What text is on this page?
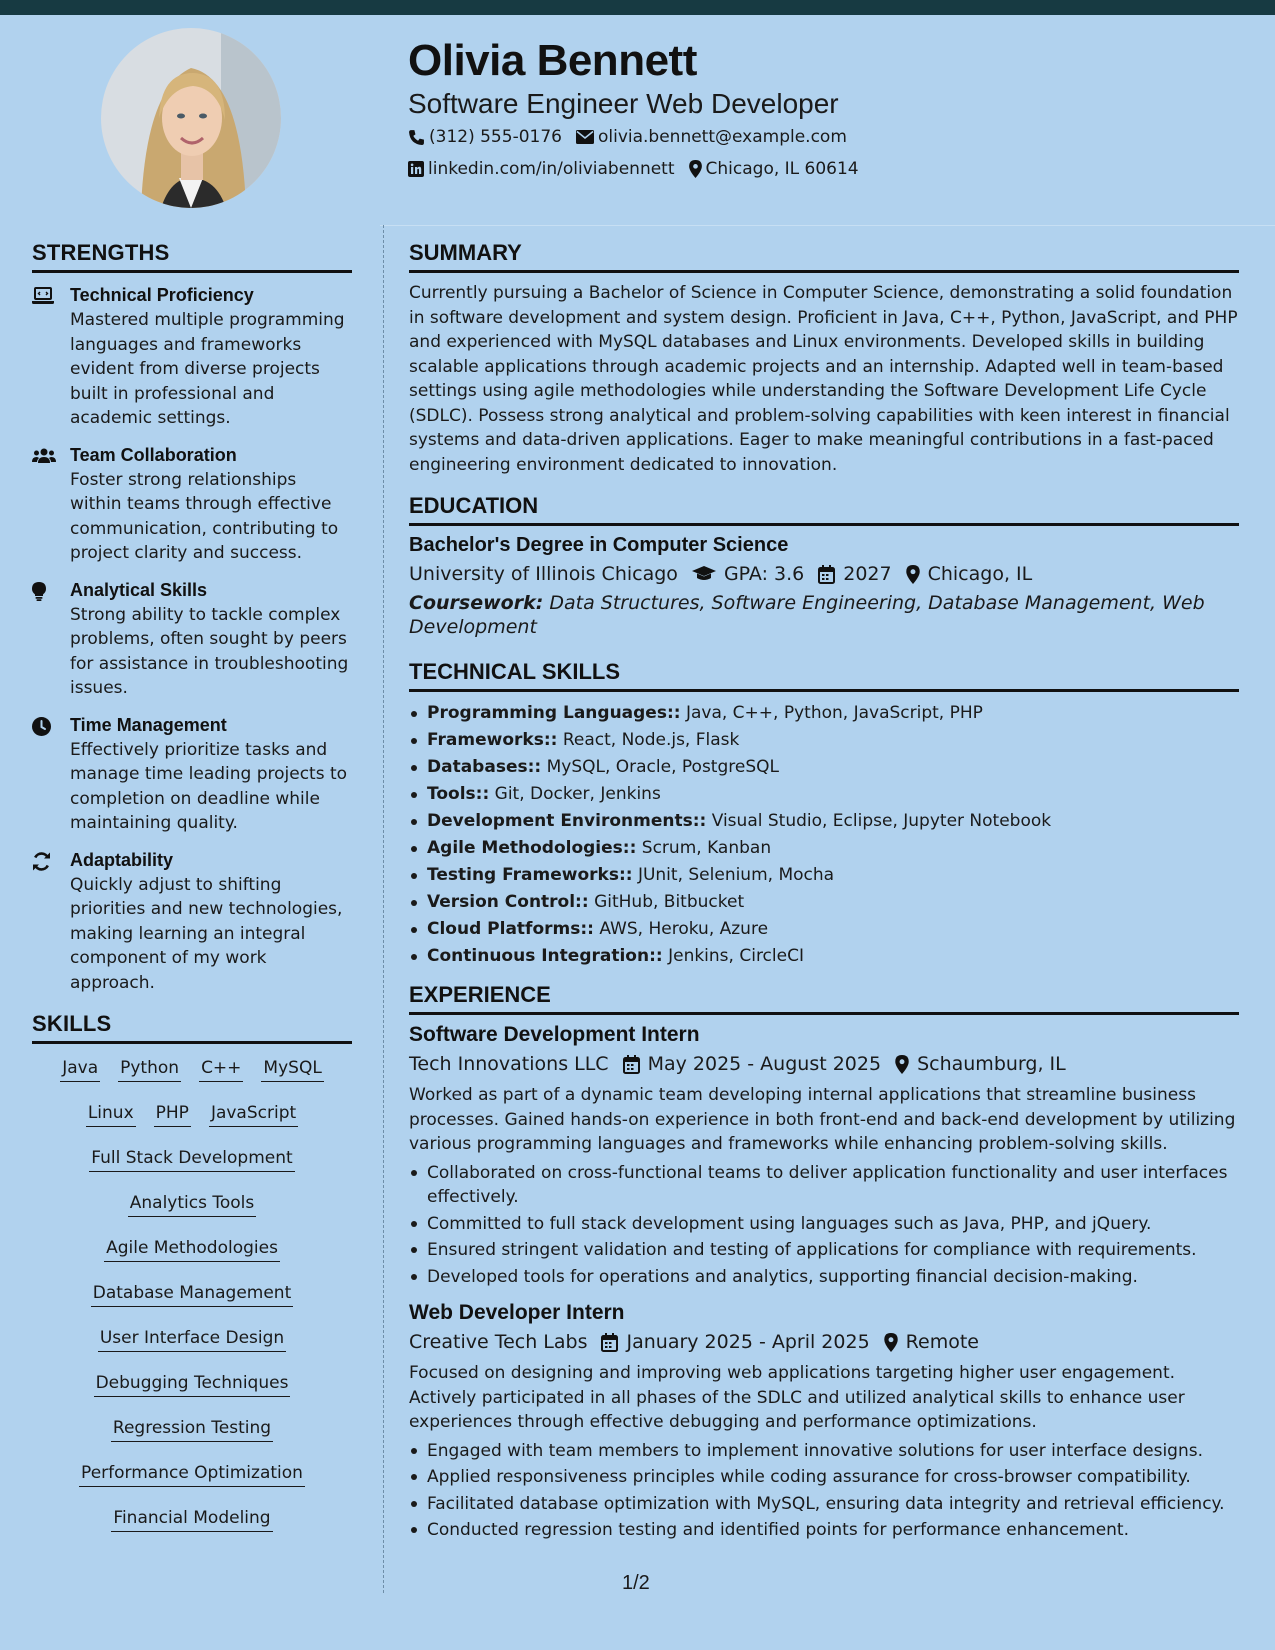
Olivia Bennett
Software Engineer Web Developer
(312) 555-0176 olivia.bennett@example.com
linkedin.com/in/oliviabennett Chicago, IL 60614
STRENGTHS
Technical Proficiency
Mastered multiple programming languages and frameworks evident from diverse projects built in professional and academic settings.
Team Collaboration
Foster strong relationships within teams through effective communication, contributing to project clarity and success.
Analytical Skills
Strong ability to tackle complex problems, often sought by peers for assistance in troubleshooting issues.
Time Management
Effectively prioritize tasks and manage time leading projects to completion on deadline while maintaining quality.
Adaptability
Quickly adjust to shifting priorities and new technologies, making learning an integral component of my work approach.
SKILLS
Java Python C++ MySQL
Linux PHP JavaScript
Full Stack Development
Analytics Tools
Agile Methodologies
Database Management
User Interface Design
Debugging Techniques
Regression Testing
Performance Optimization
Financial Modeling
SUMMARY
Currently pursuing a Bachelor of Science in Computer Science, demonstrating a solid foundation in software development and system design. Proficient in Java, C++, Python, JavaScript, and PHP and experienced with MySQL databases and Linux environments. Developed skills in building scalable applications through academic projects and an internship. Adapted well in team-based settings using agile methodologies while understanding the Software Development Life Cycle (SDLC). Possess strong analytical and problem-solving capabilities with keen interest in financial systems and data-driven applications. Eager to make meaningful contributions in a fast-paced engineering environment dedicated to innovation.
EDUCATION
Bachelor's Degree in Computer Science
University of Illinois Chicago GPA: 3.6 2027 Chicago, IL
Coursework: Data Structures, Software Engineering, Database Management, Web Development
TECHNICAL SKILLS
Programming Languages:: Java, C++, Python, JavaScript, PHP
Frameworks:: React, Node.js, Flask
Databases:: MySQL, Oracle, PostgreSQL
Tools:: Git, Docker, Jenkins
Development Environments:: Visual Studio, Eclipse, Jupyter Notebook
Agile Methodologies:: Scrum, Kanban
Testing Frameworks:: JUnit, Selenium, Mocha
Version Control:: GitHub, Bitbucket
Cloud Platforms:: AWS, Heroku, Azure
Continuous Integration:: Jenkins, CircleCI
EXPERIENCE
Software Development Intern
Tech Innovations LLC May 2025 - August 2025 Schaumburg, IL
Worked as part of a dynamic team developing internal applications that streamline business processes. Gained hands-on experience in both front-end and back-end development by utilizing various programming languages and frameworks while enhancing problem-solving skills.
Collaborated on cross-functional teams to deliver application functionality and user interfaces effectively.
Committed to full stack development using languages such as Java, PHP, and jQuery.
Ensured stringent validation and testing of applications for compliance with requirements.
Developed tools for operations and analytics, supporting financial decision-making.
Web Developer Intern
Creative Tech Labs January 2025 - April 2025 Remote
Focused on designing and improving web applications targeting higher user engagement. Actively participated in all phases of the SDLC and utilized analytical skills to enhance user experiences through effective debugging and performance optimizations.
Engaged with team members to implement innovative solutions for user interface designs.
Applied responsiveness principles while coding assurance for cross-browser compatibility.
Facilitated database optimization with MySQL, ensuring data integrity and retrieval efficiency.
Conducted regression testing and identified points for performance enhancement.
1/2
